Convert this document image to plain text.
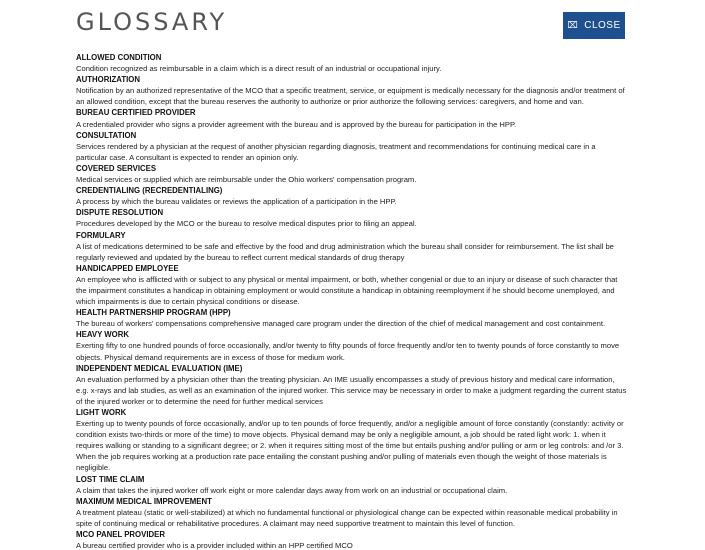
GLOSSARY	⌧ CLOSE
ALLOWED CONDITION
Condition recognized as reimbursable in a claim which is a direct result of an industrial or occupational injury.
AUTHORIZATION
Notification by an authorized representative of the MCO that a specific treatment, service, or equipment is medically necessary for the diagnosis and/or treatment of an allowed condition, except that the bureau reserves the authority to authorize or prior authorize the following services: caregivers, and home and van.
BUREAU CERTIFIED PROVIDER
A credentialed provider who signs a provider agreement with the bureau and is approved by the bureau for participation in the HPP.
CONSULTATION
Services rendered by a physician at the request of another physician regarding diagnosis, treatment and recommendations for continuing medical care in a particular case. A consultant is expected to render an opinion only.
COVERED SERVICES
Medical services or supplied which are reimbursable under the Ohio workers' compensation program.
CREDENTIALING (RECREDENTIALING)
A process by which the bureau validates or reviews the application of a participation in the HPP.
DISPUTE RESOLUTION
Procedures developed by the MCO or the bureau to resolve medical disputes prior to filing an appeal.
FORMULARY
A list of medications determined to be safe and effective by the food and drug administration which the bureau shall consider for reimbursement. The list shall be regularly reviewed and updated by the bureau to reflect current medical standards of drug therapy
HANDICAPPED EMPLOYEE
An employee who is afflicted with or subject to any physical or mental impairment, or both, whether congenial or due to an injury or disease of such character that the impairment constitutes a handicap in obtaining employment or would constitute a handicap in obtaining reemployment if he should become unemployed, and which impairments is due to certain physical conditions or disease.
HEALTH PARTNERSHIP PROGRAM (HPP)
The bureau of workers' compensations comprehensive managed care program under the direction of the chief of medical management and cost containment.
HEAVY WORK
Exerting fifty to one hundred pounds of force occasionally, and/or twenty to fifty pounds of force frequently and/or ten to twenty pounds of force constantly to move objects. Physical demand requirements are in excess of those for medium work.
INDEPENDENT MEDICAL EVALUATION (IME)
An evaluation performed by a physician other than the treating physician. An IME usually encompasses a study of previous history and medical care information, e.g. x-rays and lab studies, as well as an examination of the injured worker. This service may be necessary in order to make a judgment regarding the current status of the injured worker or to determine the need for further medical services
LIGHT WORK
Exerting up to twenty pounds of force occasionally, and/or up to ten pounds of force frequently, and/or a negligible amount of force constantly (constantly: activity or condition exists two-thirds or more of the time) to move objects. Physical demand may be only a negligible amount, a job should be rated light work: 1. when it requires walking or standing to a significant degree; or 2. when it requires sitting most of the time but entails pushing and/or pulling or arm or leg controls: and /or 3. When the job requires working at a production rate pace entailing the constant pushing and/or pulling of materials even though the weight of those materials is negligible.
LOST TIME CLAIM
A claim that takes the injured worker off work eight or more calendar days away from work on an industrial or occupational claim.
MAXIMUM MEDICAL IMPROVEMENT
A treatment plateau (static or well-stabilized) at which no fundamental functional or physiological change can be expected within reasonable medical probability in spite of continuing medical or rehabilitative procedures. A claimant may need supportive treatment to maintain this level of function.
MCO PANEL PROVIDER
A bureau certified provider who is a provider included within an HPP certified MCO
